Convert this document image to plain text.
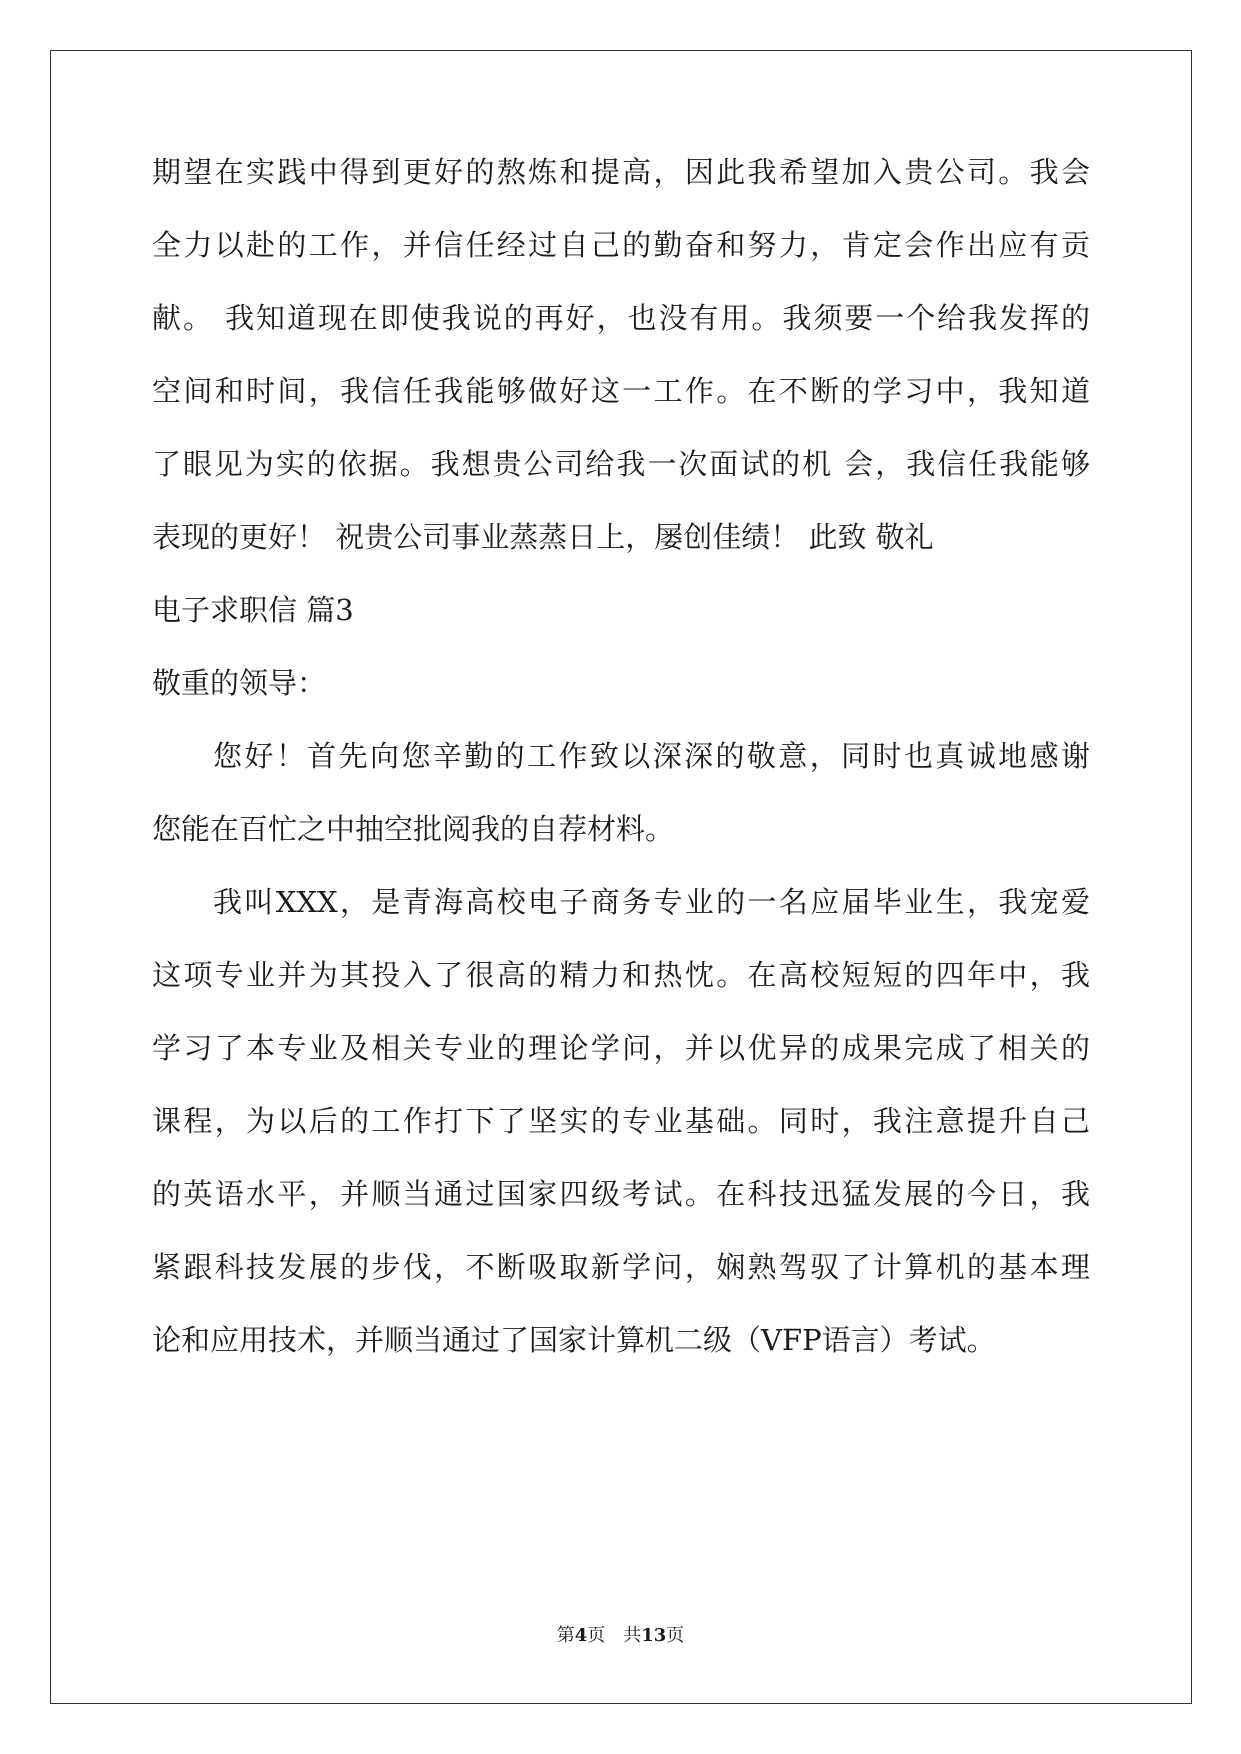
期望在实践中得到更好的熬炼和提高，因此我希望加入贵公司。我会
全力以赴的工作，并信任经过自己的勤奋和努力，肯定会作出应有贡
献。 我知道现在即使我说的再好，也没有用。我须要一个给我发挥的
空间和时间，我信任我能够做好这一工作。在不断的学习中，我知道
了眼见为实的依据。我想贵公司给我一次面试的机 会，我信任我能够
表现的更好！ 祝贵公司事业蒸蒸日上，屡创佳绩！ 此致 敬礼
电子求职信 篇3
敬重的领导：
您好！首先向您辛勤的工作致以深深的敬意，同时也真诚地感谢
您能在百忙之中抽空批阅我的自荐材料。
我叫XXX，是青海高校电子商务专业的一名应届毕业生，我宠爱
这项专业并为其投入了很高的精力和热忱。在高校短短的四年中，我
学习了本专业及相关专业的理论学问，并以优异的成果完成了相关的
课程，为以后的工作打下了坚实的专业基础。同时，我注意提升自己
的英语水平，并顺当通过国家四级考试。在科技迅猛发展的今日，我
紧跟科技发展的步伐，不断吸取新学问，娴熟驾驭了计算机的基本理
论和应用技术，并顺当通过了国家计算机二级（VFP语言）考试。
第4页　共13页
